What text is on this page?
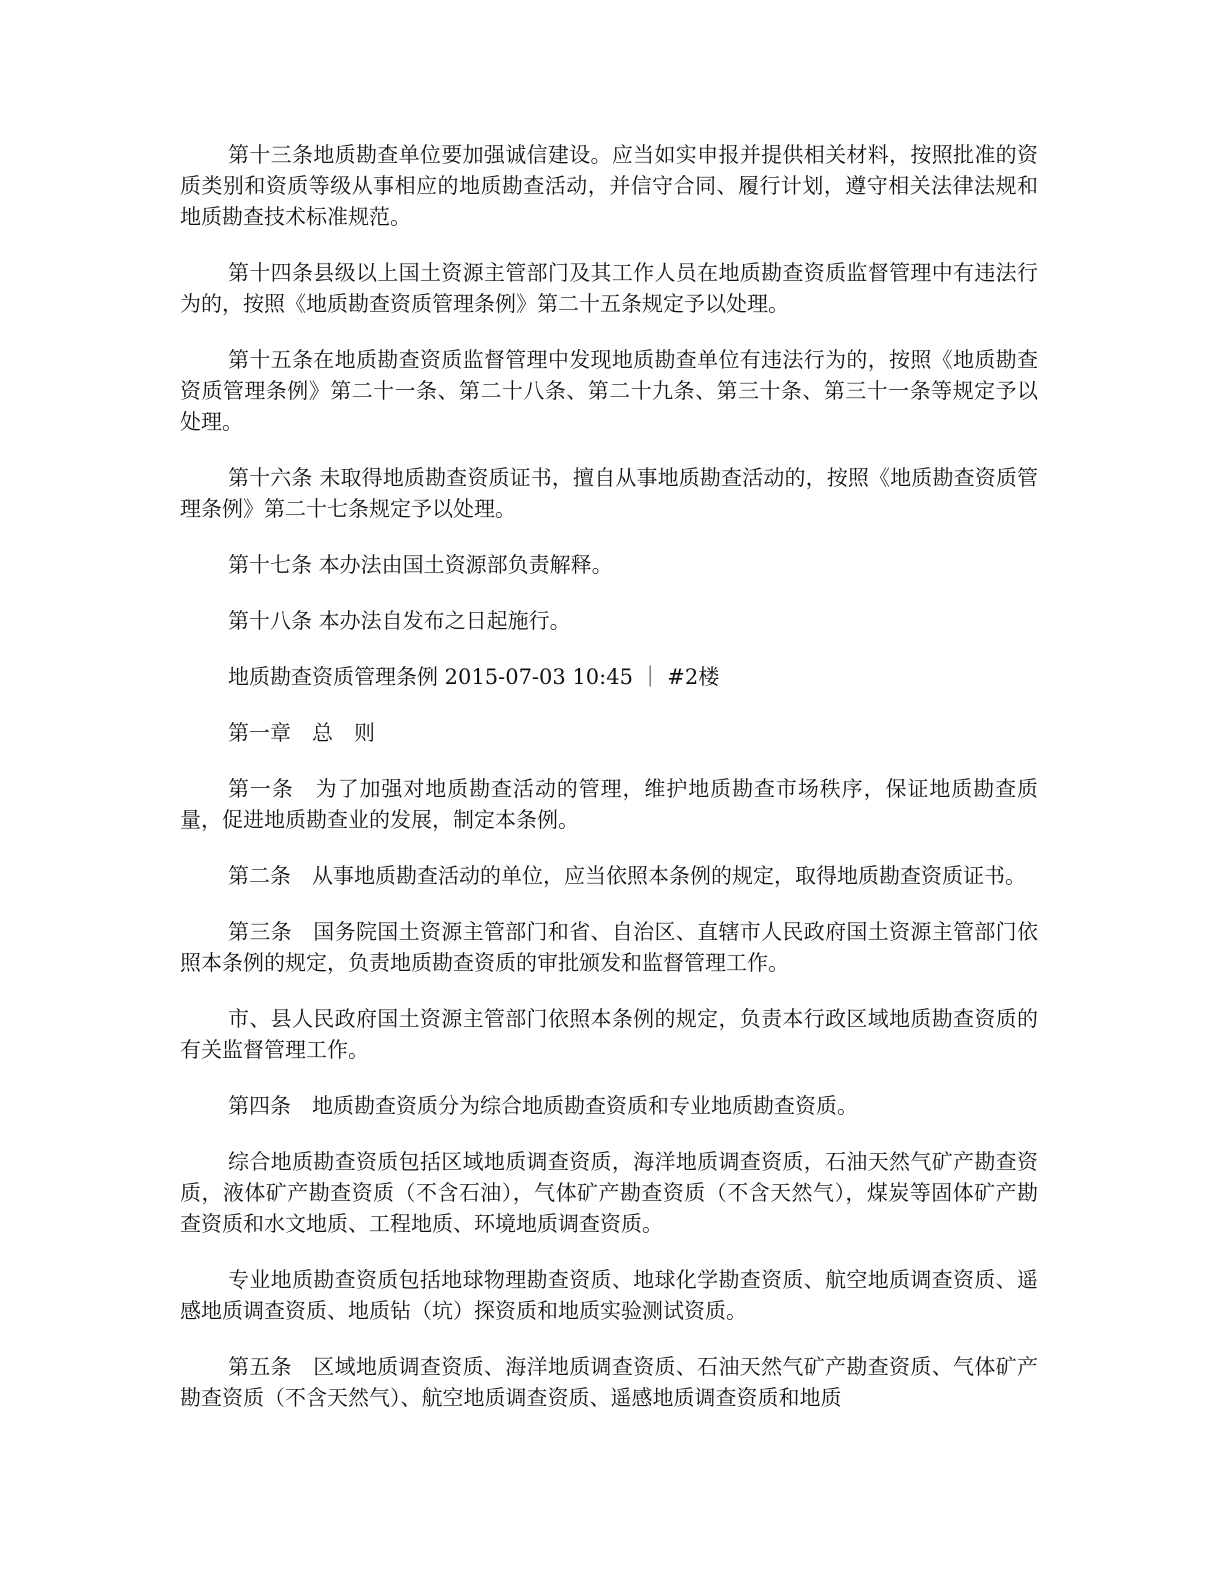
第十三条地质勘查单位要加强诚信建设。应当如实申报并提供相关材料，按照批准的资质类别和资质等级从事相应的地质勘查活动，并信守合同、履行计划，遵守相关法律法规和地质勘查技术标准规范。

第十四条县级以上国土资源主管部门及其工作人员在地质勘查资质监督管理中有违法行为的，按照《地质勘查资质管理条例》第二十五条规定予以处理。

第十五条在地质勘查资质监督管理中发现地质勘查单位有违法行为的，按照《地质勘查资质管理条例》第二十一条、第二十八条、第二十九条、第三十条、第三十一条等规定予以处理。

第十六条 未取得地质勘查资质证书，擅自从事地质勘查活动的，按照《地质勘查资质管理条例》第二十七条规定予以处理。

第十七条 本办法由国土资源部负责解释。

第十八条 本办法自发布之日起施行。

地质勘查资质管理条例 2015-07-03 10:45 ｜ #2楼

第一章　总　则

第一条　为了加强对地质勘查活动的管理，维护地质勘查市场秩序，保证地质勘查质量，促进地质勘查业的发展，制定本条例。

第二条　从事地质勘查活动的单位，应当依照本条例的规定，取得地质勘查资质证书。

第三条　国务院国土资源主管部门和省、自治区、直辖市人民政府国土资源主管部门依照本条例的规定，负责地质勘查资质的审批颁发和监督管理工作。

市、县人民政府国土资源主管部门依照本条例的规定，负责本行政区域地质勘查资质的有关监督管理工作。

第四条　地质勘查资质分为综合地质勘查资质和专业地质勘查资质。

综合地质勘查资质包括区域地质调查资质，海洋地质调查资质，石油天然气矿产勘查资质，液体矿产勘查资质（不含石油），气体矿产勘查资质（不含天然气），煤炭等固体矿产勘查资质和水文地质、工程地质、环境地质调查资质。

专业地质勘查资质包括地球物理勘查资质、地球化学勘查资质、航空地质调查资质、遥感地质调查资质、地质钻（坑）探资质和地质实验测试资质。

第五条　区域地质调查资质、海洋地质调查资质、石油天然气矿产勘查资质、气体矿产勘查资质（不含天然气）、航空地质调查资质、遥感地质调查资质和地质
